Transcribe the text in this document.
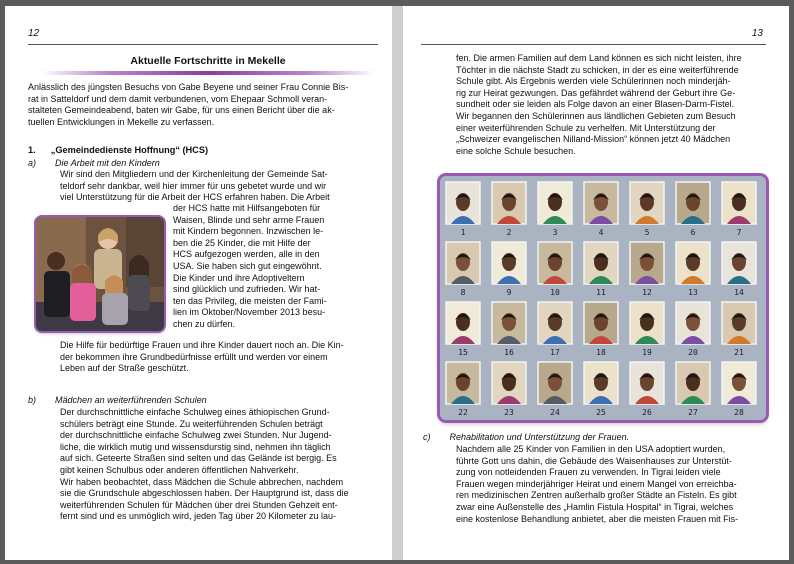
12
Aktuelle Fortschritte in Mekelle

Anlässlich des jüngsten Besuchs von Gabe Beyene und seiner Frau Connie Bis-

rat in Satteldorf und dem damit verbundenen, vom Ehepaar Schmoll veran-

stalteten Gemeindeabend, baten wir Gabe, für uns einen Bericht über die ak-

tuellen Entwicklungen in Mekelle zu verfassen.

1. „Gemeindedienste Hoffnung“ (HCS)
a) Die Arbeit mit den Kindern

Wir sind den Mitgliedern und der Kirchenleitung der Gemeinde Sat-

teldorf sehr dankbar, weil hier immer für uns gebetet wurde und wir

viel Unterstützung für die Arbeit der HCS erfahren haben. Die Arbeit

der HCS hatte mit Hilfsangeboten für

Waisen, Blinde und sehr arme Frauen

mit Kindern begonnen. Inzwischen le-

ben die 25 Kinder, die mit Hilfe der

HCS aufgezogen werden, alle in den

USA. Sie haben sich gut eingewöhnt.

Die Kinder und ihre Adoptiveltern

sind glücklich und zufrieden. Wir hat-

ten das Privileg, die meisten der Fami-

lien im Oktober/November 2013 besu-

chen zu dürfen.

Die Hilfe für bedürftige Frauen und ihre Kinder dauert noch an. Die Kin-

der bekommen ihre Grundbedürfnisse erfüllt und werden vor einem

Leben auf der Straße geschützt.

b) Mädchen an weiterführenden Schulen

Der durchschnittliche einfache Schulweg eines äthiopischen Grund-

schülers beträgt eine Stunde. Zu weiterführenden Schulen beträgt

der durchschnittliche einfache Schulweg zwei Stunden. Nur Jugend-

liche, die wirklich mutig und wissensdurstig sind, nehmen ihn täglich

auf sich. Geteerte Straßen sind selten und das Gelände ist bergig. Es

gibt keinen Schulbus oder anderen öffentlichen Nahverkehr.

Wir haben beobachtet, dass Mädchen die Schule abbrechen, nachdem

sie die Grundschule abgeschlossen haben. Der Hauptgrund ist, dass die

weiterführenden Schulen für Mädchen über drei Stunden Gehzeit ent-

fernt sind und es unmöglich wird, jeden Tag über 20 Kilometer zu lau-

13

fen. Die armen Familien auf dem Land können es sich nicht leisten, ihre

Töchter in die nächste Stadt zu schicken, in der es eine weiterführende

Schule gibt. Als Ergebnis werden viele Schülerinnen noch minderjäh-

rig zur Heirat gezwungen. Das gefährdet während der Geburt ihre Ge-

sundheit oder sie leiden als Folge davon an einer Blasen-Darm-Fistel.

Wir begannen den Schülerinnen aus ländlichen Gebieten zum Besuch

einer weiterführenden Schule zu verhelfen. Mit Unterstützung der

„Schweizer evangelischen Nilland-Mission“ können jetzt 40 Mädchen

eine solche Schule besuchen.

1	2	3	4	5	6	7
8	9	10	11	12	13	14
15	16	17	18	19	20	21
22	23	24	25	26	27	28
c) Rehabilitation und Unterstützung der Frauen.

Nachdem alle 25 Kinder von Familien in den USA adoptiert wurden,

führte Gott uns dahin, die Gebäude des Waisenhauses zur Unterstüt-

zung von notleidenden Frauen zu verwenden. In Tigrai leiden viele

Frauen wegen minderjähriger Heirat und einem Mangel von erreichba-

ren medizinischen Zentren außerhalb großer Städte an Fisteln. Es gibt

zwar eine Außenstelle des „Hamlin Fistula Hospital“ in Tigrai, welches

eine kostenlose Behandlung anbietet, aber die meisten Frauen mit Fis-
